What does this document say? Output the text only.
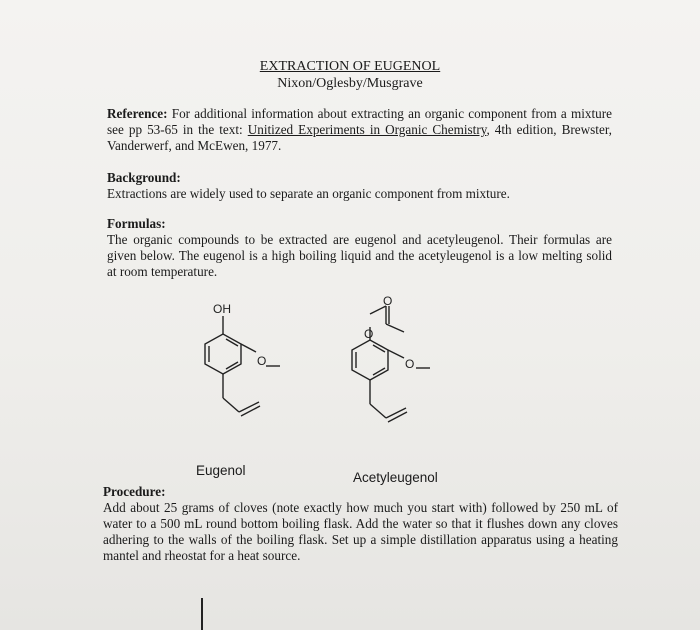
EXTRACTION OF EUGENOL
Nixon/Oglesby/Musgrave
Reference: For additional information about extracting an organic component from a mixture see pp 53-65 in the text: Unitized Experiments in Organic Chemistry, 4th edition, Brewster, Vanderwerf, and McEwen, 1977.
Background:
Extractions are widely used to separate an organic component from mixture.
Formulas:
The organic compounds to be extracted are eugenol and acetyleugenol. Their formulas are given below. The eugenol is a high boiling liquid and the acetyleugenol is a low melting solid at room temperature.
OH
O
O
O
O
Eugenol	Acetyleugenol
Procedure:
Add about 25 grams of cloves (note exactly how much you start with) followed by 250 mL of water to a 500 mL round bottom boiling flask. Add the water so that it flushes down any cloves adhering to the walls of the boiling flask. Set up a simple distillation apparatus using a heating mantel and rheostat for a heat source.
